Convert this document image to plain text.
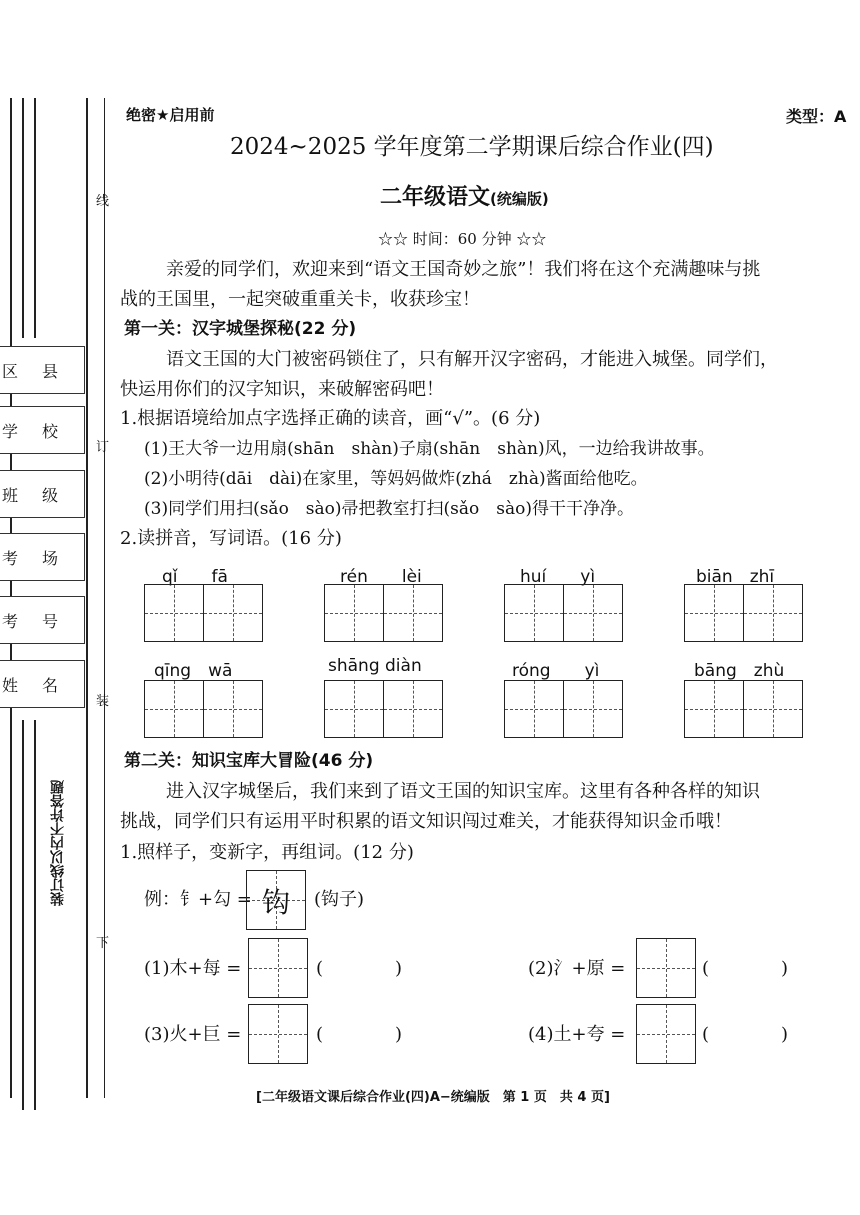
区县
学校
班级
考场
考号
姓名
线
订
装
下
装订线以内不许答题
绝密★启用前	类型：A
2024~2025 学年度第二学期课后综合作业(四)
二年级语文(统编版)
☆☆ 时间：60 分钟 ☆☆
亲爱的同学们，欢迎来到“语文王国奇妙之旅”！我们将在这个充满趣味与挑
战的王国里，一起突破重重关卡，收获珍宝！
第一关：汉字城堡探秘(22 分)
语文王国的大门被密码锁住了，只有解开汉字密码，才能进入城堡。同学们，
快运用你们的汉字知识，来破解密码吧！
1.根据语境给加点字选择正确的读音，画“√”。(6 分)
(1)王大爷一边用扇(shān　shàn)子扇(shān　shàn)风，一边给我讲故事。
(2)小明待(dāi　dài)在家里，等妈妈做炸(zhá　zhà)酱面给他吃。
(3)同学们用扫(sǎo　sào)帚把教室打扫(sǎo　sào)得干干净净。
2.读拼音，写词语。(16 分)
qǐ　　fā	rén　　lèi	huí　　yì	biān　zhī
qīng　wā	shāng diàn	róng　　yì	bāng　zhù
第二关：知识宝库大冒险(46 分)
进入汉字城堡后，我们来到了语文王国的知识宝库。这里有各种各样的知识
挑战，同学们只有运用平时积累的语文知识闯过难关，才能获得知识金币哦！
1.照样子，变新字，再组词。(12 分)
例：钅+勾 = 钩	(钩子)
(1)木+每 =	(　　　　)	(2)氵+原 =	(　　　　)
(3)火+巨 =	(　　　　)	(4)土+夸 =	(　　　　)
[二年级语文课后综合作业(四)A−统编版　第 1 页　共 4 页]
